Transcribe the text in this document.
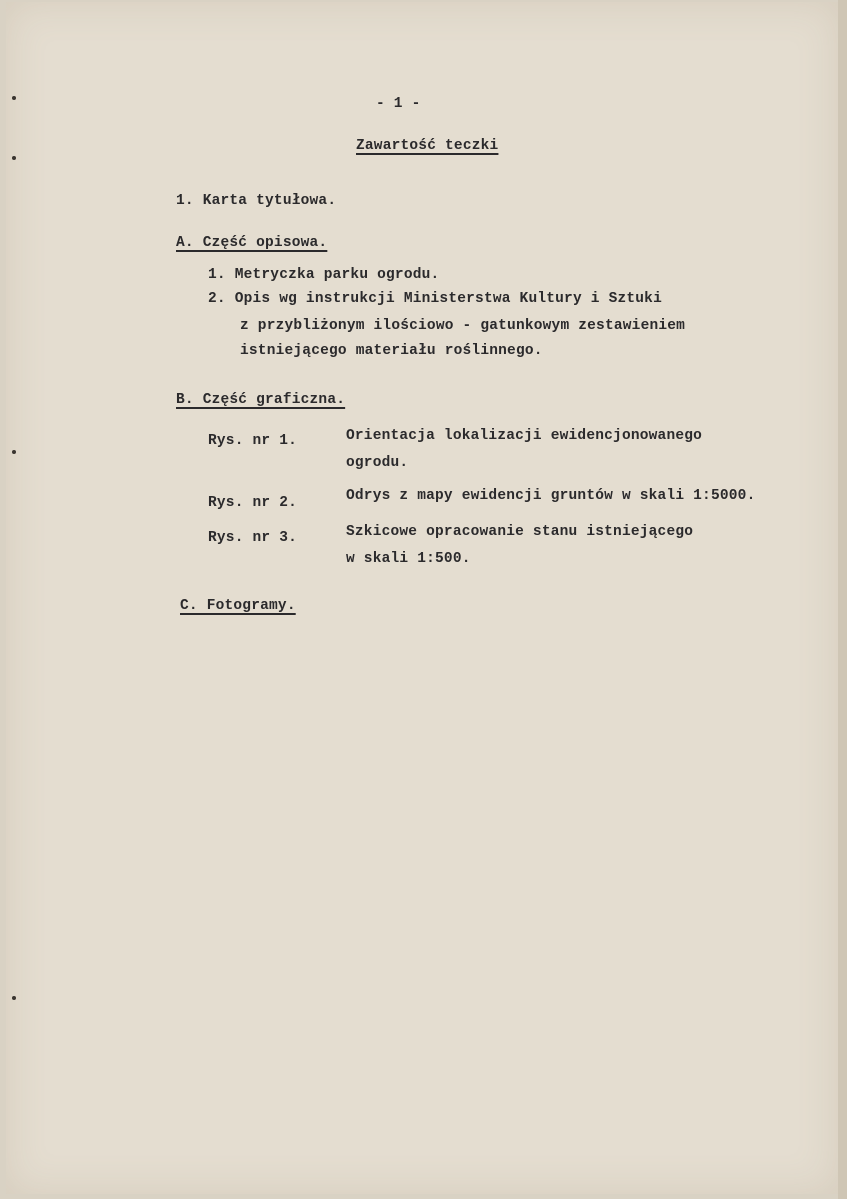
- 1 -
Zawartość teczki
1. Karta tytułowa.
A. Część opisowa.
1. Metryczka parku ogrodu.
2. Opis wg instrukcji Ministerstwa Kultury i Sztuki
z przybliżonym ilościowo - gatunkowym zestawieniem
istniejącego materiału roślinnego.
B. Część graficzna.
Rys. nr 1.	Orientacja lokalizacji ewidencjonowanego
ogrodu.
Rys. nr 2.	Odrys z mapy ewidencji gruntów w skali 1:5000.
Rys. nr 3.	Szkicowe opracowanie stanu istniejącego
w skali 1:500.
C. Fotogramy.
